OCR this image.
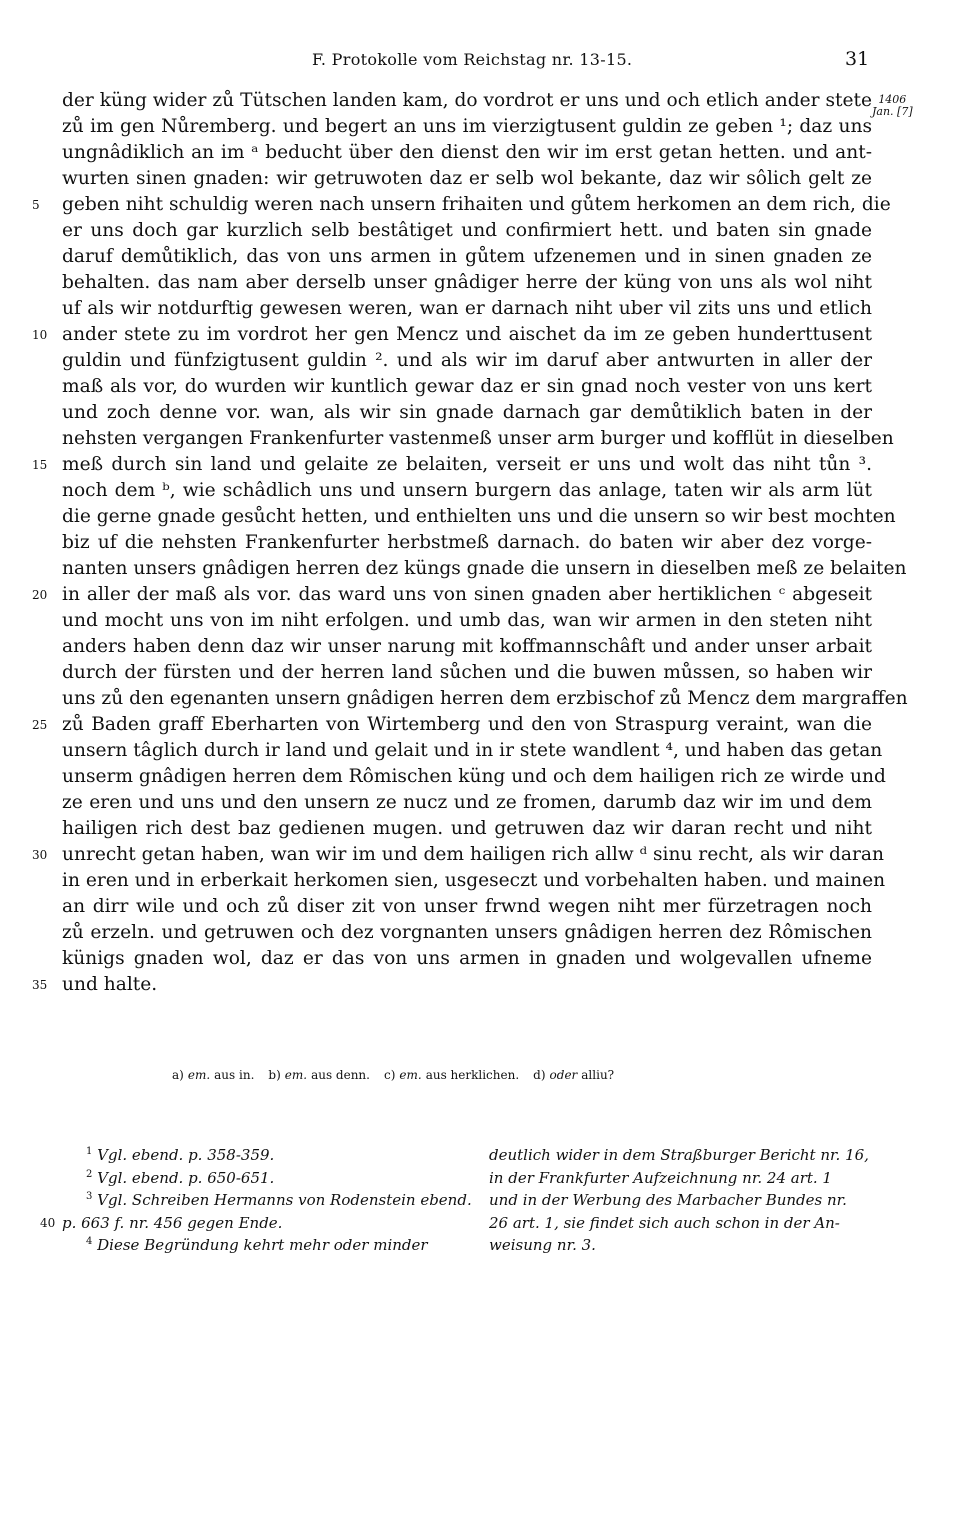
F. Protokolle vom Reichstag nr. 13-15.	31
1406
Jan. [7]
der küng wider zů Tütschen landen kam, do vordrot er uns und och etlich ander stete
zů im gen Nůremberg. und begert an uns im vierzigtusent guldin ze geben ¹; daz uns
ungnâdiklich an im ᵃ beducht über den dienst den wir im erst getan hetten. und ant-
wurten sinen gnaden: wir getruwoten daz er selb wol bekante, daz wir sôlich gelt ze
5	geben niht schuldig weren nach unsern frihaiten und gůtem herkomen an dem rich, die
er uns doch gar kurzlich selb bestâtiget und confirmiert hett. und baten sin gnade
daruf demůtiklich, das von uns armen in gůtem ufzenemen und in sinen gnaden ze
behalten. das nam aber derselb unser gnâdiger herre der küng von uns als wol niht
uf als wir notdurftig gewesen weren, wan er darnach niht uber vil zits uns und etlich
10 ander stete zu im vordrot her gen Mencz und aischet da im ze geben hunderttusent
guldin und fünfzigtusent guldin ². und als wir im daruf aber antwurten in aller der
maß als vor, do wurden wir kuntlich gewar daz er sin gnad noch vester von uns kert
und zoch denne vor. wan, als wir sin gnade darnach gar demůtiklich baten in der
nehsten vergangen Frankenfurter vastenmeß unser arm burger und kofflüt in dieselben
15 meß durch sin land und gelaite ze belaiten, verseit er uns und wolt das niht tůn ³.
noch dem ᵇ, wie schâdlich uns und unsern burgern das anlage, taten wir als arm lüt
die gerne gnade gesůcht hetten, und enthielten uns und die unsern so wir best mochten
biz uf die nehsten Frankenfurter herbstmeß darnach. do baten wir aber dez vorge-
nanten unsers gnâdigen herren dez küngs gnade die unsern in dieselben meß ze belaiten
20 in aller der maß als vor. das ward uns von sinen gnaden aber hertiklichen ᶜ abgeseit
und mocht uns von im niht erfolgen. und umb das, wan wir armen in den steten niht
anders haben denn daz wir unser narung mit koffmannschâft und ander unser arbait
durch der fürsten und der herren land sůchen und die buwen můssen, so haben wir
uns zů den egenanten unsern gnâdigen herren dem erzbischof zů Mencz dem margraffen
25 zů Baden graff Eberharten von Wirtemberg und den von Straspurg veraint, wan die
unsern tâglich durch ir land und gelait und in ir stete wandlent ⁴, und haben das getan
unserm gnâdigen herren dem Rômischen küng und och dem hailigen rich ze wirde und
ze eren und uns und den unsern ze nucz und ze fromen, darumb daz wir im und dem
hailigen rich dest baz gedienen mugen. und getruwen daz wir daran recht und niht
30 unrecht getan haben, wan wir im und dem hailigen rich allw ᵈ sinu recht, als wir daran
in eren und in erberkait herkomen sien, usgeseczt und vorbehalten haben. und mainen
an dirr wile und och zů diser zit von unser frwnd wegen niht mer fürzetragen noch
zů erzeln. und getruwen och dez vorgnanten unsers gnâdigen herren dez Rômischen
künigs gnaden wol, daz er das von uns armen in gnaden und wolgevallen ufneme
35 und halte.
a) em. aus in. b) em. aus denn. c) em. aus herklichen. d) oder alliu?
$^1$ Vgl. ebend. p. 358-359.
$^2$ Vgl. ebend. p. 650-651.
$^3$ Vgl. Schreiben Hermanns von Rodenstein ebend.
40 p. 663 f. nr. 456 gegen Ende.
$^4$ Diese Begründung kehrt mehr oder minder
deutlich wider in dem Straßburger Bericht nr. 16,
in der Frankfurter Aufzeichnung nr. 24 art. 1
und in der Werbung des Marbacher Bundes nr.
26 art. 1, sie findet sich auch schon in der An-
weisung nr. 3.
